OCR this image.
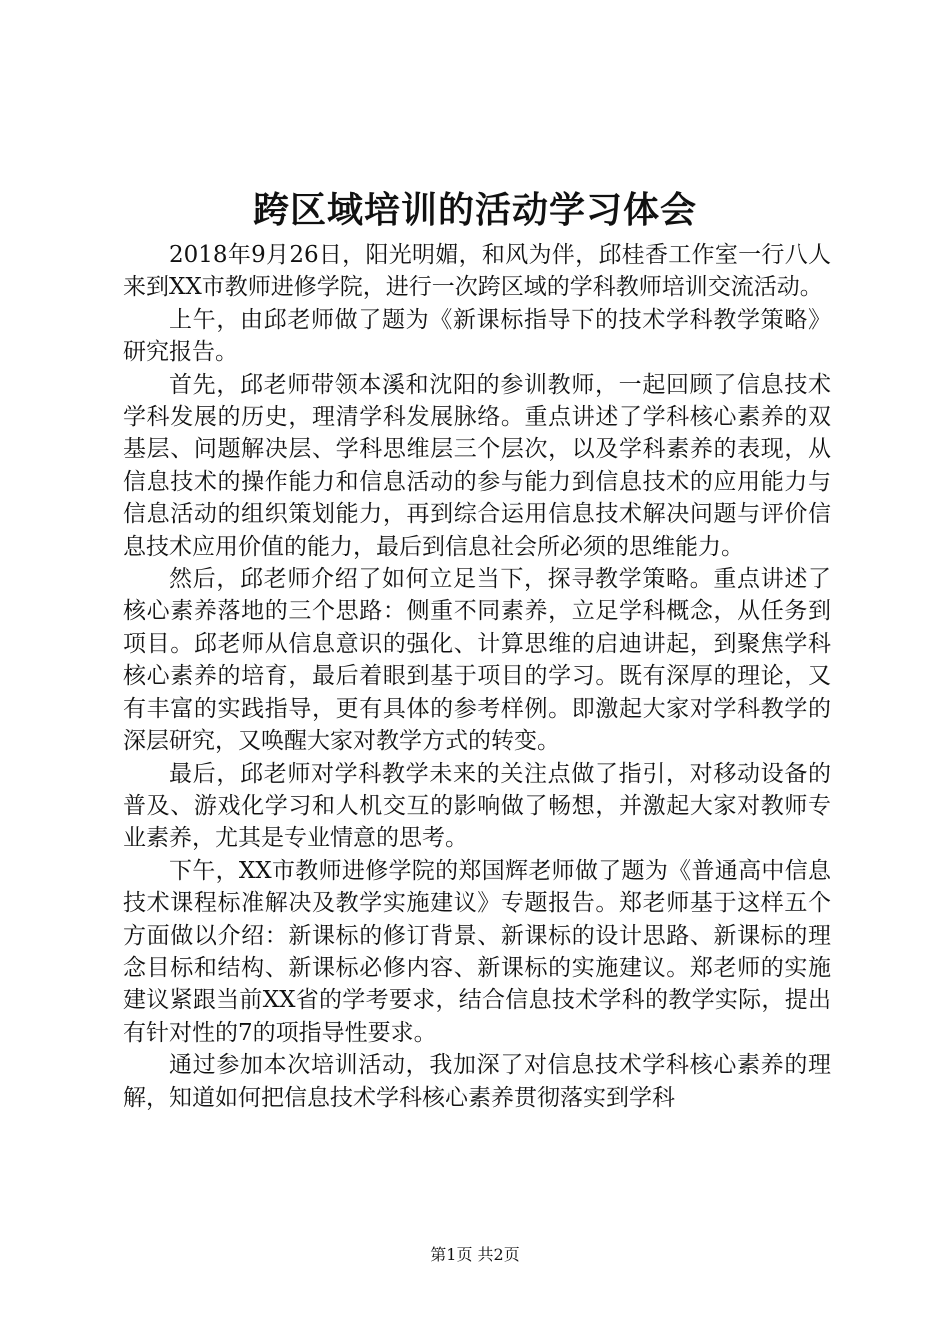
跨区域培训的活动学习体会

2018年9月26日，阳光明媚，和风为伴，邱桂香工作室一行八人来到XX市教师进修学院，进行一次跨区域的学科教师培训交流活动。

上午，由邱老师做了题为《新课标指导下的技术学科教学策略》研究报告。

首先，邱老师带领本溪和沈阳的参训教师，一起回顾了信息技术学科发展的历史，理清学科发展脉络。重点讲述了学科核心素养的双基层、问题解决层、学科思维层三个层次，以及学科素养的表现，从信息技术的操作能力和信息活动的参与能力到信息技术的应用能力与信息活动的组织策划能力，再到综合运用信息技术解决问题与评价信息技术应用价值的能力，最后到信息社会所必须的思维能力。

然后，邱老师介绍了如何立足当下，探寻教学策略。重点讲述了核心素养落地的三个思路：侧重不同素养，立足学科概念，从任务到项目。邱老师从信息意识的强化、计算思维的启迪讲起，到聚焦学科核心素养的培育，最后着眼到基于项目的学习。既有深厚的理论，又有丰富的实践指导，更有具体的参考样例。即激起大家对学科教学的深层研究，又唤醒大家对教学方式的转变。

最后，邱老师对学科教学未来的关注点做了指引，对移动设备的普及、游戏化学习和人机交互的影响做了畅想，并激起大家对教师专业素养，尤其是专业情意的思考。

下午，XX市教师进修学院的郑国辉老师做了题为《普通高中信息技术课程标准解决及教学实施建议》专题报告。郑老师基于这样五个方面做以介绍：新课标的修订背景、新课标的设计思路、新课标的理念目标和结构、新课标必修内容、新课标的实施建议。郑老师的实施建议紧跟当前XX省的学考要求，结合信息技术学科的教学实际，提出有针对性的7的项指导性要求。

通过参加本次培训活动，我加深了对信息技术学科核心素养的理解，知道如何把信息技术学科核心素养贯彻落实到学科

第1页 共2页
